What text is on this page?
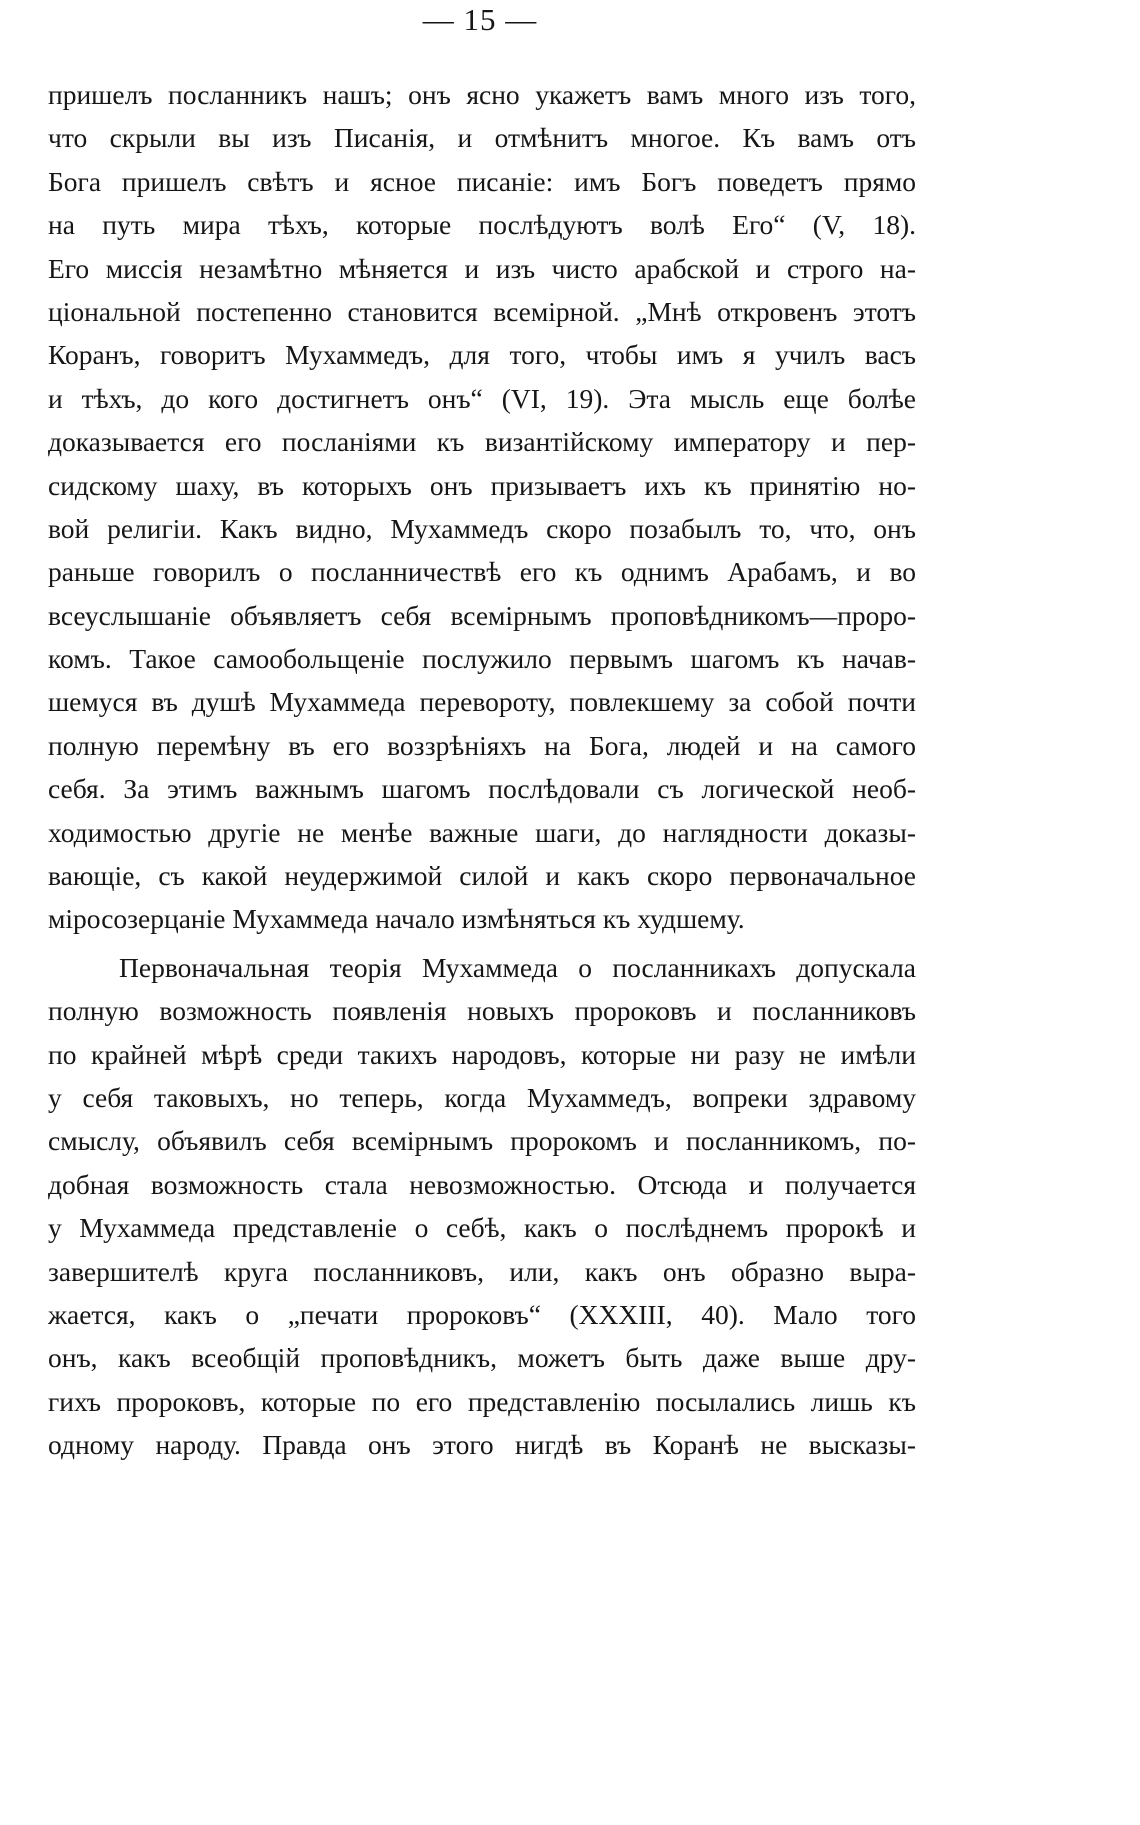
— 15 —
пришелъ посланникъ нашъ; онъ ясно укажетъ вамъ много изъ того,
что скрыли вы изъ Писанія, и отмѣнитъ многое. Къ вамъ отъ
Бога пришелъ свѣтъ и ясное писаніе: имъ Богъ поведетъ прямо
на путь мира тѣхъ, которые послѣдуютъ волѣ Его“ (V, 18).
Его миссія незамѣтно мѣняется и изъ чисто арабской и строго на-
ціональной постепенно становится всемірной. „Мнѣ откровенъ этотъ
Коранъ, говоритъ Мухаммедъ, для того, чтобы имъ я училъ васъ
и тѣхъ, до кого достигнетъ онъ“ (VI, 19). Эта мысль еще болѣе
доказывается его посланіями къ византійскому императору и пер-
сидскому шаху, въ которыхъ онъ призываетъ ихъ къ принятію но-
вой религіи. Какъ видно, Мухаммедъ скоро позабылъ то, что, онъ
раньше говорилъ о посланничествѣ его къ однимъ Арабамъ, и во
всеуслышаніе объявляетъ себя всемірнымъ проповѣдникомъ—проро-
комъ. Такое самообольщеніе послужило первымъ шагомъ къ начав-
шемуся въ душѣ Мухаммеда перевороту, повлекшему за собой почти
полную перемѣну въ его воззрѣніяхъ на Бога, людей и на самого
себя. За этимъ важнымъ шагомъ послѣдовали съ логической необ-
ходимостью другіе не менѣе важные шаги, до наглядности доказы-
вающіе, съ какой неудержимой силой и какъ скоро первоначальное
міросозерцаніе Мухаммеда начало измѣняться къ худшему.
Первоначальная теорія Мухаммеда о посланникахъ допускала
полную возможность появленія новыхъ пророковъ и посланниковъ
по крайней мѣрѣ среди такихъ народовъ, которые ни разу не имѣли
у себя таковыхъ, но теперь, когда Мухаммедъ, вопреки здравому
смыслу, объявилъ себя всемірнымъ пророкомъ и посланникомъ, по-
добная возможность стала невозможностью. Отсюда и получается
у Мухаммеда представленіе о себѣ, какъ о послѣднемъ пророкѣ и
завершителѣ круга посланниковъ, или, какъ онъ образно выра-
жается, какъ о „печати пророковъ“ (XXXIII, 40). Мало того
онъ, какъ всеобщій проповѣдникъ, можетъ быть даже выше дру-
гихъ пророковъ, которые по его представленію посылались лишь къ
одному народу. Правда онъ этого нигдѣ въ Коранѣ не высказы-
